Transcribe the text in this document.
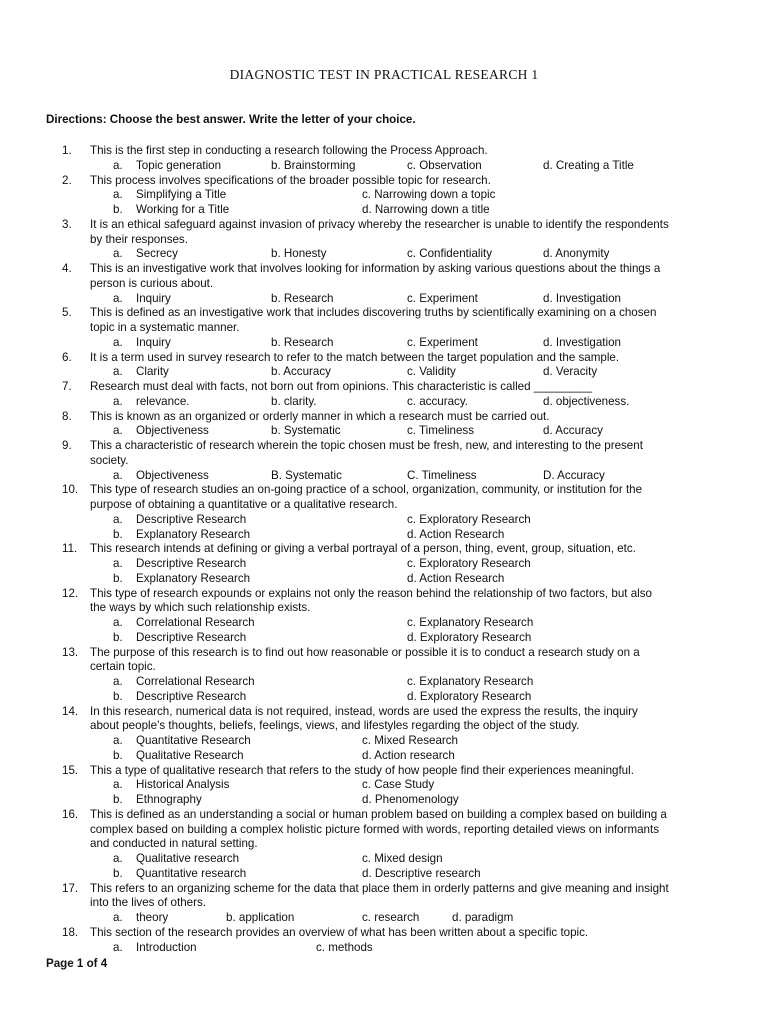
DIAGNOSTIC TEST IN PRACTICAL RESEARCH 1
Directions: Choose the best answer. Write the letter of your choice.
1.	This is the first step in conducting a research following the Process Approach.
a. Topic generation	b. Brainstorming	c. Observation	d. Creating a Title
2.	This process involves specifications of the broader possible topic for research.
a. Simplifying a Title	c. Narrowing down a topic
b. Working for a Title	d. Narrowing down a title
3.	It is an ethical safeguard against invasion of privacy whereby the researcher is unable to identify the respondents
by their responses.
a. Secrecy	b. Honesty	c. Confidentiality	d. Anonymity
4.	This is an investigative work that involves looking for information by asking various questions about the things a
person is curious about.
a. Inquiry	b. Research	c. Experiment	d. Investigation
5.	This is defined as an investigative work that includes discovering truths by scientifically examining on a chosen
topic in a systematic manner.
a. Inquiry	b. Research	c. Experiment	d. Investigation
6.	It is a term used in survey research to refer to the match between the target population and the sample.
a. Clarity	b. Accuracy	c. Validity	d. Veracity
7.	Research must deal with facts, not born out from opinions. This characteristic is called _________
a. relevance.	b. clarity.	c. accuracy.	d. objectiveness.
8.	This is known as an organized or orderly manner in which a research must be carried out.
a. Objectiveness	b. Systematic	c. Timeliness	d. Accuracy
9.	This a characteristic of research wherein the topic chosen must be fresh, new, and interesting to the present
society.
a. Objectiveness	B. Systematic	C. Timeliness	D. Accuracy
10.	This type of research studies an on-going practice of a school, organization, community, or institution for the
purpose of obtaining a quantitative or a qualitative research.
a. Descriptive Research	c. Exploratory Research
b. Explanatory Research	d. Action Research
11.	This research intends at defining or giving a verbal portrayal of a person, thing, event, group, situation, etc.
a. Descriptive Research	c. Exploratory Research
b. Explanatory Research	d. Action Research
12.	This type of research expounds or explains not only the reason behind the relationship of two factors, but also
the ways by which such relationship exists.
a. Correlational Research	c. Explanatory Research
b. Descriptive Research	d. Exploratory Research
13.	The purpose of this research is to find out how reasonable or possible it is to conduct a research study on a
certain topic.
a. Correlational Research	c. Explanatory Research
b. Descriptive Research	d. Exploratory Research
14.	In this research, numerical data is not required, instead, words are used the express the results, the inquiry
about people’s thoughts, beliefs, feelings, views, and lifestyles regarding the object of the study.
a. Quantitative Research	c. Mixed Research
b. Qualitative Research	d. Action research
15.	This a type of qualitative research that refers to the study of how people find their experiences meaningful.
a. Historical Analysis	c. Case Study
b. Ethnography	d. Phenomenology
16.	This is defined as an understanding a social or human problem based on building a complex based on building a
complex based on building a complex holistic picture formed with words, reporting detailed views on informants
and conducted in natural setting.
a. Qualitative research	c. Mixed design
b. Quantitative research	d. Descriptive research
17.	This refers to an organizing scheme for the data that place them in orderly patterns and give meaning and insight
into the lives of others.
a. theory	b. application	c. research	d. paradigm
18.	This section of the research provides an overview of what has been written about a specific topic.
a. Introduction	c. methods
Page 1 of 4
